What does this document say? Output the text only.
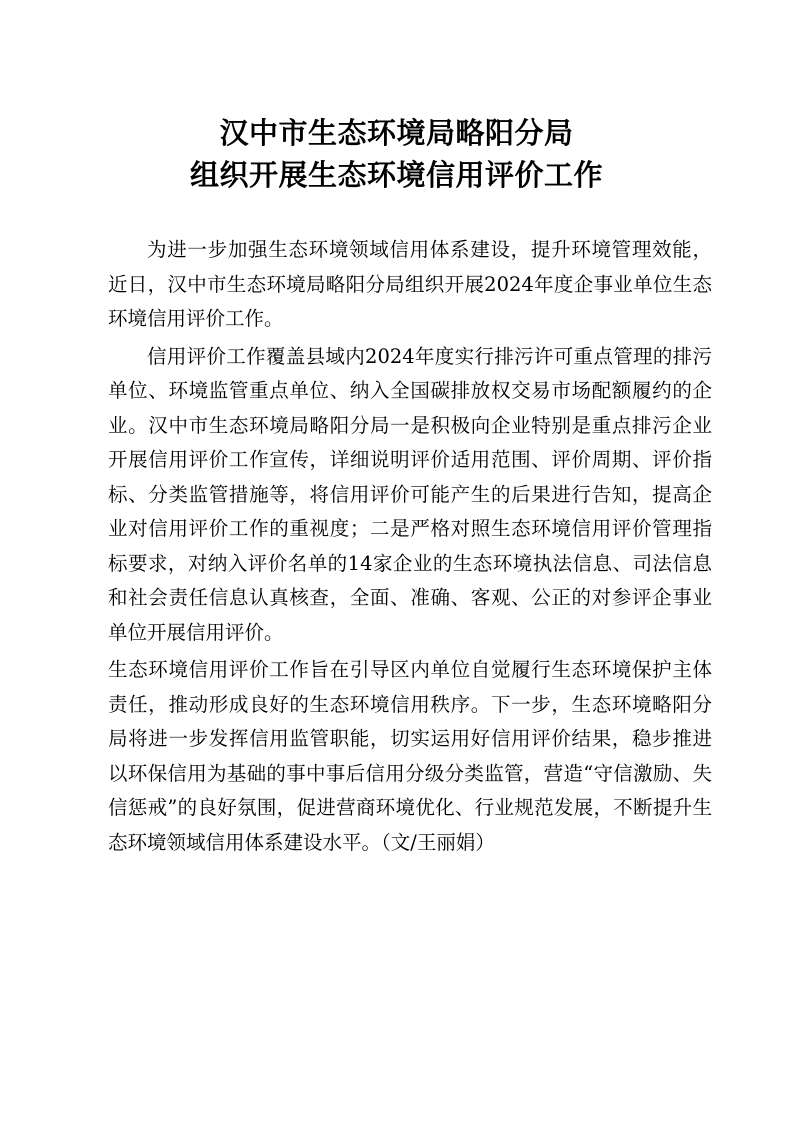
汉中市生态环境局略阳分局
组织开展生态环境信用评价工作

为进一步加强生态环境领域信用体系建设，提升环境管理效能，近日，汉中市生态环境局略阳分局组织开展2024年度企事业单位生态环境信用评价工作。

信用评价工作覆盖县域内2024年度实行排污许可重点管理的排污单位、环境监管重点单位、纳入全国碳排放权交易市场配额履约的企业。汉中市生态环境局略阳分局一是积极向企业特别是重点排污企业开展信用评价工作宣传，详细说明评价适用范围、评价周期、评价指标、分类监管措施等，将信用评价可能产生的后果进行告知，提高企业对信用评价工作的重视度；二是严格对照生态环境信用评价管理指标要求，对纳入评价名单的14家企业的生态环境执法信息、司法信息和社会责任信息认真核查，全面、准确、客观、公正的对参评企事业单位开展信用评价。

生态环境信用评价工作旨在引导区内单位自觉履行生态环境保护主体责任，推动形成良好的生态环境信用秩序。下一步，生态环境略阳分局将进一步发挥信用监管职能，切实运用好信用评价结果，稳步推进以环保信用为基础的事中事后信用分级分类监管，营造“守信激励、失信惩戒”的良好氛围，促进营商环境优化、行业规范发展，不断提升生态环境领域信用体系建设水平。（文/王丽娟）
